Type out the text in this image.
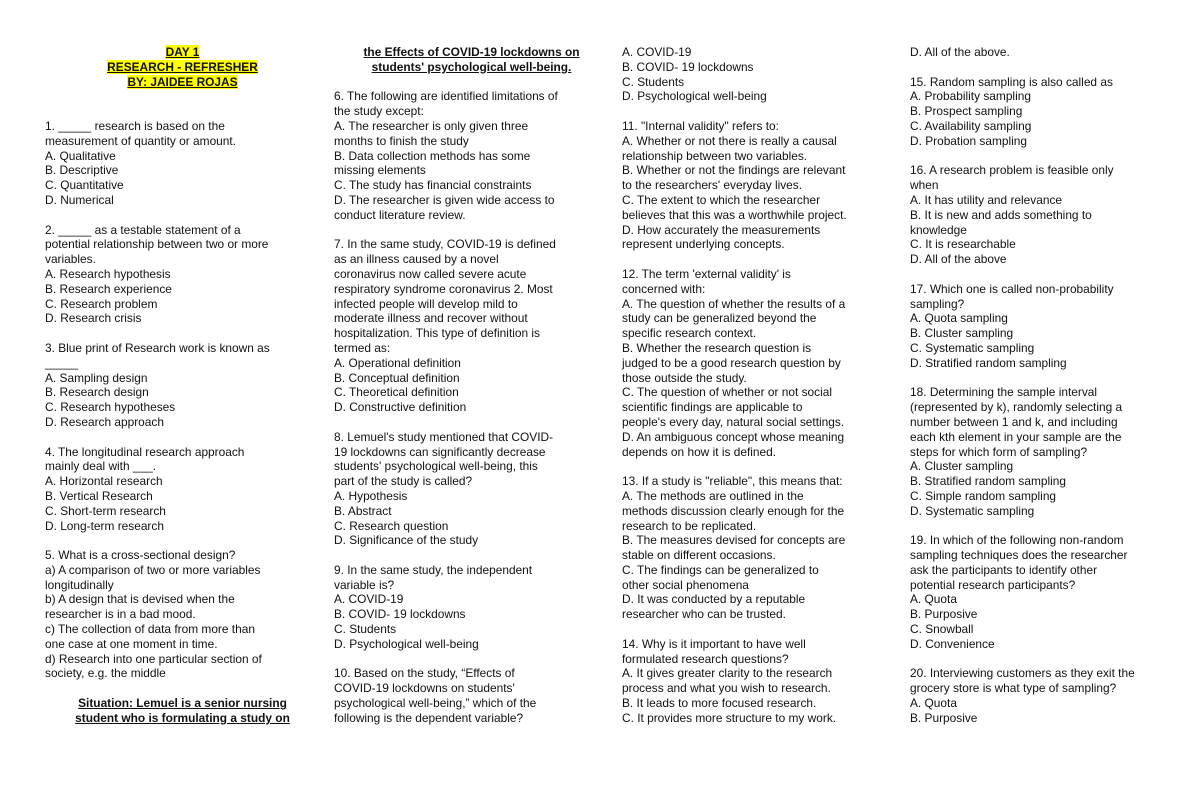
DAY 1
RESEARCH - REFRESHER
BY: JAIDEE ROJAS
1. _____ research is based on the
measurement of quantity or amount.
A. Qualitative
B. Descriptive
C. Quantitative
D. Numerical
2. _____ as a testable statement of a
potential relationship between two or more
variables.
A. Research hypothesis
B. Research experience
C. Research problem
D. Research crisis
3. Blue print of Research work is known as
_____
A. Sampling design
B. Research design
C. Research hypotheses
D. Research approach
4. The longitudinal research approach
mainly deal with ___.
A. Horizontal research
B. Vertical Research
C. Short-term research
D. Long-term research
5. What is a cross-sectional design?
a) A comparison of two or more variables
longitudinally
b) A design that is devised when the
researcher is in a bad mood.
c) The collection of data from more than
one case at one moment in time.
d) Research into one particular section of
society, e.g. the middle
Situation: Lemuel is a senior nursing
student who is formulating a study on
the Effects of COVID-19 lockdowns on
students' psychological well-being.
6. The following are identified limitations of
the study except:
A. The researcher is only given three
months to finish the study
B. Data collection methods has some
missing elements
C. The study has financial constraints
D. The researcher is given wide access to
conduct literature review.
7. In the same study, COVID-19 is defined
as an illness caused by a novel
coronavirus now called severe acute
respiratory syndrome coronavirus 2. Most
infected people will develop mild to
moderate illness and recover without
hospitalization. This type of definition is
termed as:
A. Operational definition
B. Conceptual definition
C. Theoretical definition
D. Constructive definition
8. Lemuel's study mentioned that COVID-
19 lockdowns can significantly decrease
students' psychological well-being, this
part of the study is called?
A. Hypothesis
B. Abstract
C. Research question
D. Significance of the study
9. In the same study, the independent
variable is?
A. COVID-19
B. COVID- 19 lockdowns
C. Students
D. Psychological well-being
10. Based on the study, “Effects of
COVID-19 lockdowns on students'
psychological well-being,” which of the
following is the dependent variable?
A. COVID-19
B. COVID- 19 lockdowns
C. Students
D. Psychological well-being
11. "Internal validity" refers to:
A. Whether or not there is really a causal
relationship between two variables.
B. Whether or not the findings are relevant
to the researchers' everyday lives.
C. The extent to which the researcher
believes that this was a worthwhile project.
D. How accurately the measurements
represent underlying concepts.
12. The term 'external validity' is
concerned with:
A. The question of whether the results of a
study can be generalized beyond the
specific research context.
B. Whether the research question is
judged to be a good research question by
those outside the study.
C. The question of whether or not social
scientific findings are applicable to
people's every day, natural social settings.
D. An ambiguous concept whose meaning
depends on how it is defined.
13. If a study is "reliable", this means that:
A. The methods are outlined in the
methods discussion clearly enough for the
research to be replicated.
B. The measures devised for concepts are
stable on different occasions.
C. The findings can be generalized to
other social phenomena
D. It was conducted by a reputable
researcher who can be trusted.
14. Why is it important to have well
formulated research questions?
A. It gives greater clarity to the research
process and what you wish to research.
B. It leads to more focused research.
C. It provides more structure to my work.
D. All of the above.
15. Random sampling is also called as
A. Probability sampling
B. Prospect sampling
C. Availability sampling
D. Probation sampling
16. A research problem is feasible only
when
A. It has utility and relevance
B. It is new and adds something to
knowledge
C. It is researchable
D. All of the above
17. Which one is called non-probability
sampling?
A. Quota sampling
B. Cluster sampling
C. Systematic sampling
D. Stratified random sampling
18. Determining the sample interval
(represented by k), randomly selecting a
number between 1 and k, and including
each kth element in your sample are the
steps for which form of sampling?
A. Cluster sampling
B. Stratified random sampling
C. Simple random sampling
D. Systematic sampling
19. In which of the following non-random
sampling techniques does the researcher
ask the participants to identify other
potential research participants?
A. Quota
B. Purposive
C. Snowball
D. Convenience
20. Interviewing customers as they exit the
grocery store is what type of sampling?
A. Quota
B. Purposive
